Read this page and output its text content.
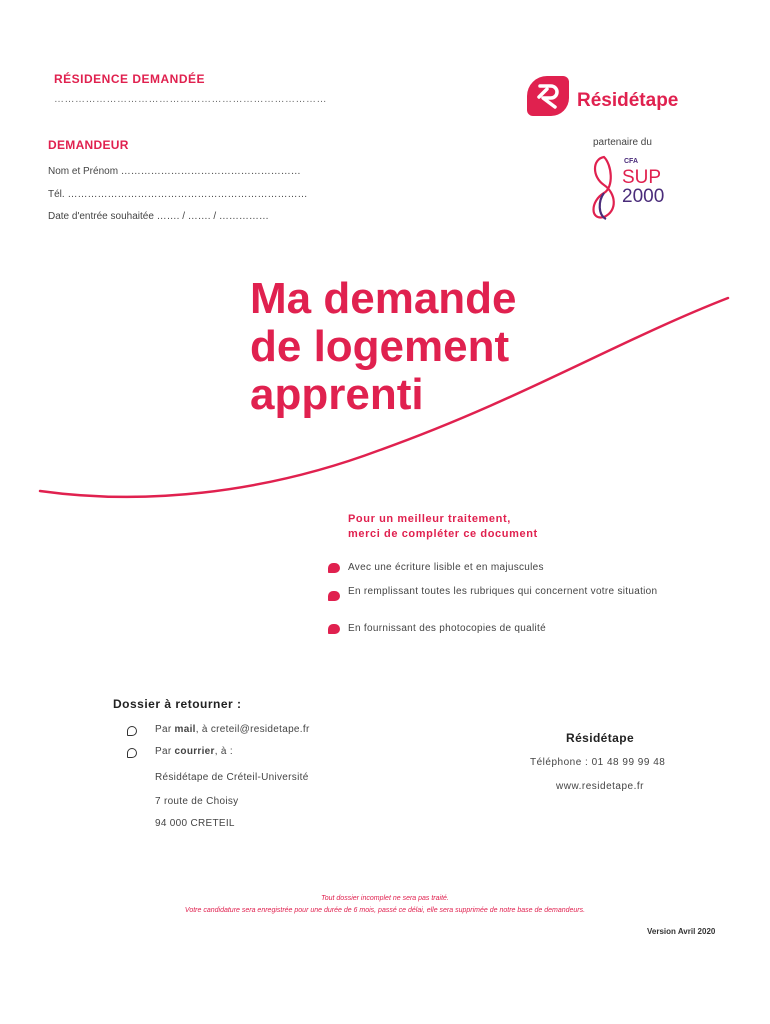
RÉSIDENCE DEMANDÉE
……………………………………………………………………
DEMANDEUR
Nom et Prénom ………………………………………………
Tél. ………………………………………………………………
Date d'entrée souhaitée ……. / ……. / ……………
Résidétape
partenaire du
CFA
SUP
2000
Ma demande
de logement
apprenti
Pour un meilleur traitement,
merci de compléter ce document
Avec une écriture lisible et en majuscules
En remplissant toutes les rubriques qui concernent votre situation
En fournissant des photocopies de qualité
Dossier à retourner :
Par mail, à creteil@residetape.fr
Par courrier, à :
Résidétape de Créteil-Université
7 route de Choisy
94 000 CRETEIL
Résidétape
Téléphone : 01 48 99 99 48
www.residetape.fr
Tout dossier incomplet ne sera pas traité.
Votre candidature sera enregistrée pour une durée de 6 mois, passé ce délai, elle sera supprimée de notre base de demandeurs.
Version Avril 2020
